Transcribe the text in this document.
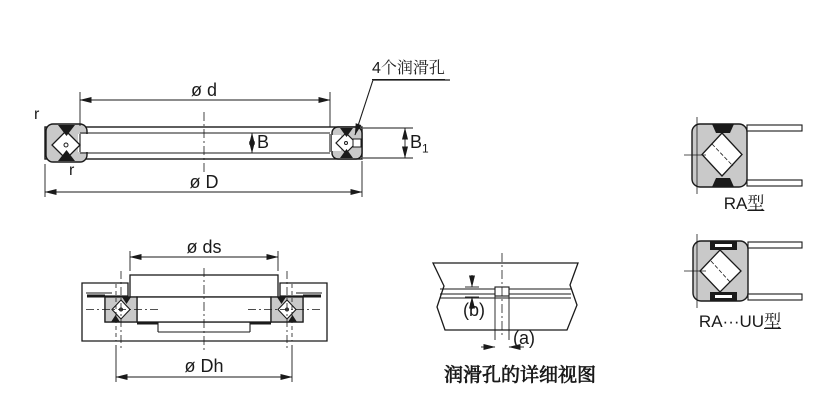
ø d
ø D
B	$B_1$
r
r
4个润滑孔
ø ds
ø Dh
(b)
(a)
润滑孔的详细视图
RA型
RA···UU型
